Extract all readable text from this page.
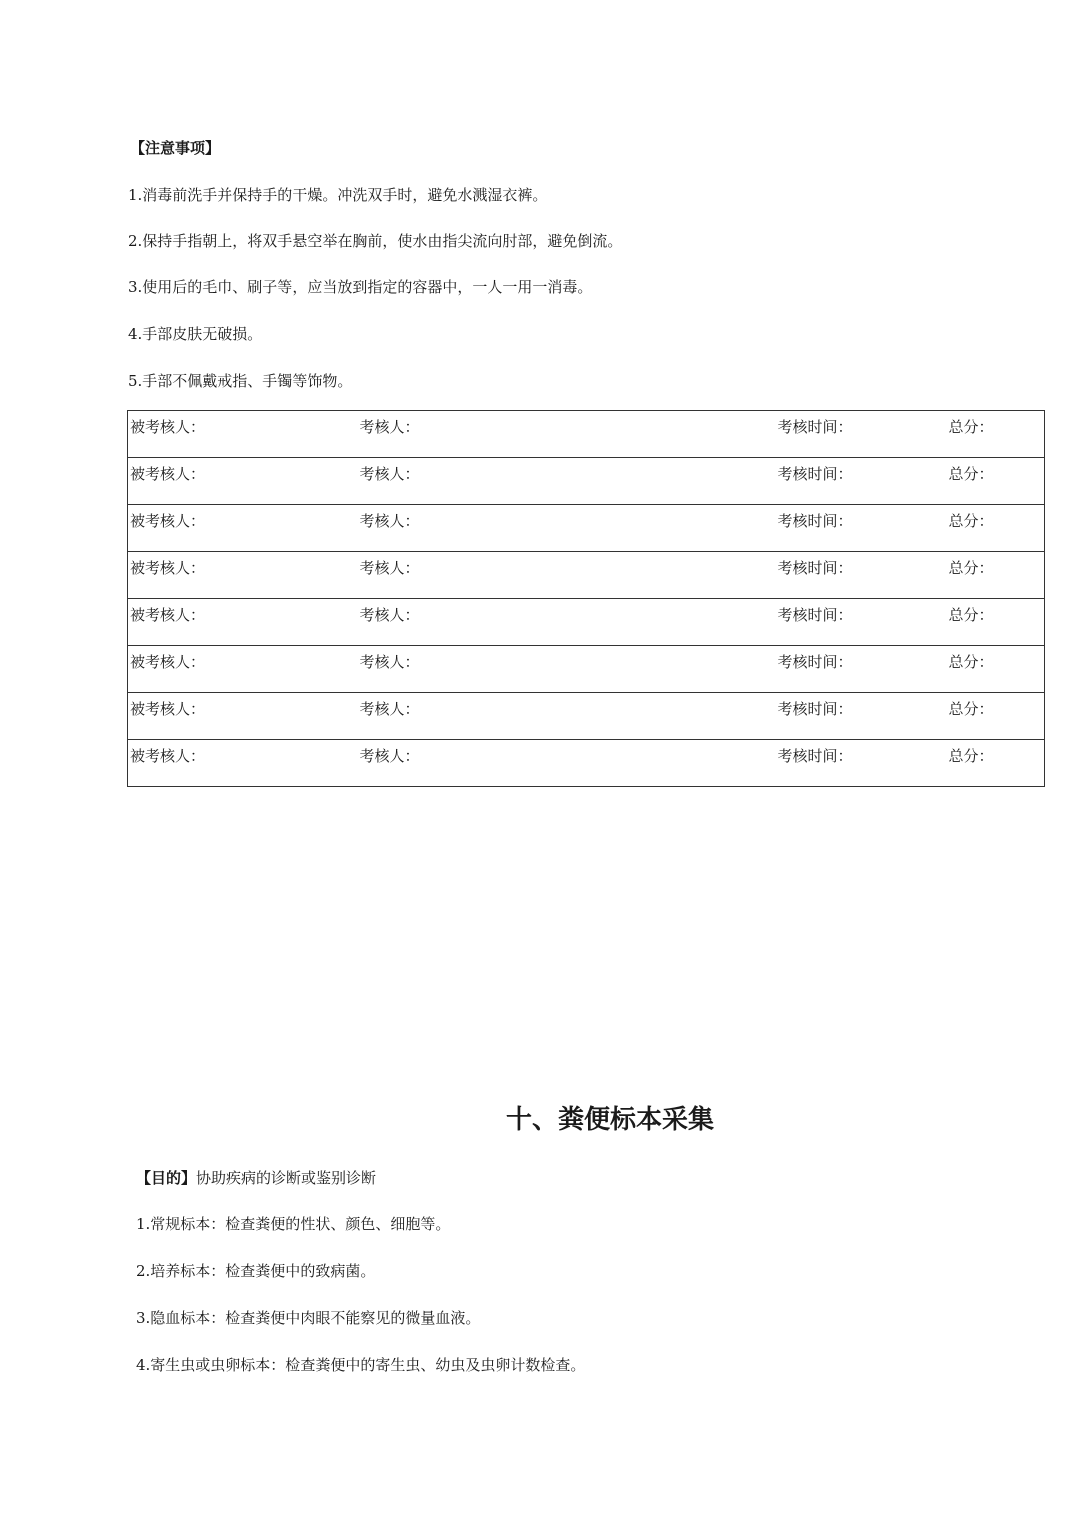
【注意事项】
1.消毒前洗手并保持手的干燥。冲洗双手时，避免水溅湿衣裤。
2.保持手指朝上，将双手悬空举在胸前，使水由指尖流向肘部，避免倒流。
3.使用后的毛巾、刷子等，应当放到指定的容器中，一人一用一消毒。
4.手部皮肤无破损。
5.手部不佩戴戒指、手镯等饰物。
被考核人：	考核人：	考核时间：	总分：
被考核人：	考核人：	考核时间：	总分：
被考核人：	考核人：	考核时间：	总分：
被考核人：	考核人：	考核时间：	总分：
被考核人：	考核人：	考核时间：	总分：
被考核人：	考核人：	考核时间：	总分：
被考核人：	考核人：	考核时间：	总分：
被考核人：	考核人：	考核时间：	总分：
十、粪便标本采集
【目的】协助疾病的诊断或鉴别诊断
1.常规标本：检查粪便的性状、颜色、细胞等。
2.培养标本：检查粪便中的致病菌。
3.隐血标本：检查粪便中肉眼不能察见的微量血液。
4.寄生虫或虫卵标本：检查粪便中的寄生虫、幼虫及虫卵计数检查。
